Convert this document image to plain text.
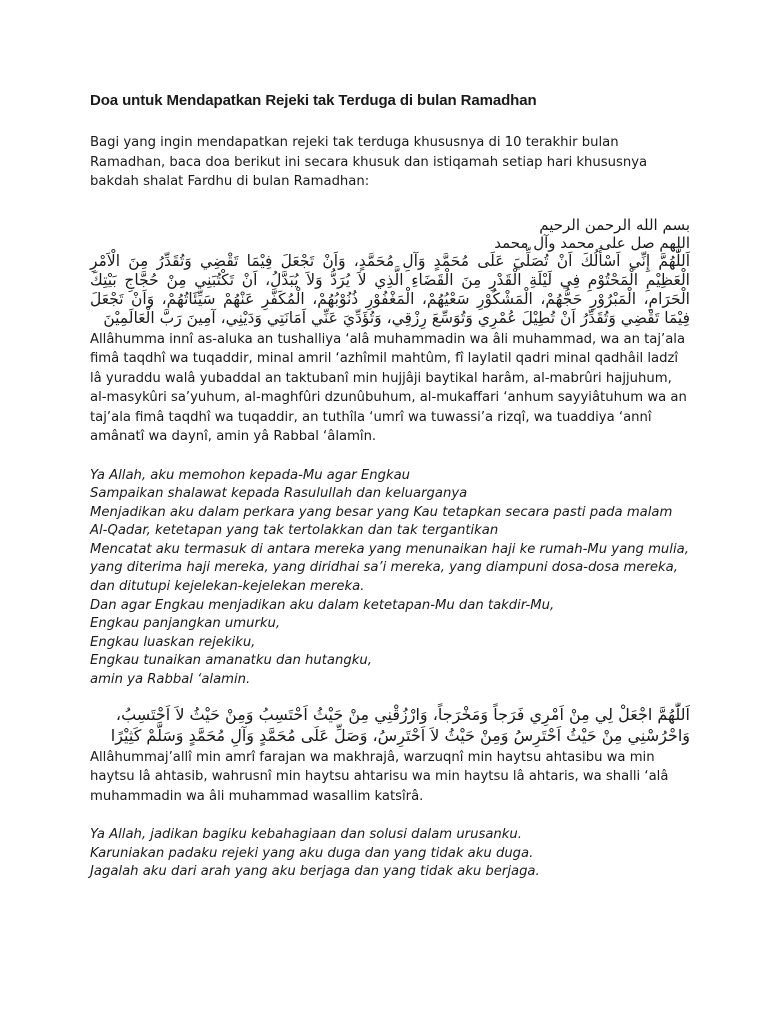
Doa untuk Mendapatkan Rejeki tak Terduga di bulan Ramadhan

Bagi yang ingin mendapatkan rejeki tak terduga khususnya di 10 terakhir bulan Ramadhan, baca doa berikut ini secara khusuk dan istiqamah setiap hari khususnya bakdah shalat Fardhu di bulan Ramadhan:

بسم الله الرحمن الرحيم
اللهم صل على محمد وآل محمد
اَللّٰهُمَّ إِنِّي اَسْأَلُكَ اَنْ تُصَلِّيَ عَلَى مُحَمَّدٍ وَآلِ مُحَمَّدٍ، وَاَنْ تَجْعَلَ فِيْمَا تَقْضِي وَتُقَدِّرُ مِنَ الْاَمْرِ الْعَظِيْمِ الْمَحْتُوْمِ فِي لَيْلَةِ الْقَدْرِ مِنَ الْقَضَاءِ الَّذِي لاَ يُرَدُّ وَلاَ يُبَدَّلُ، اَنْ تَكْتُبَنِي مِنْ حُجَّاجِ بَيْتِكَ الْحَرَامِ، الْمَبْرُوْرِ حَجُّهُمْ، الْمَشْكُوْرِ سَعْيُهُمْ، الْمَغْفُوْرِ ذُنُوْبُهُمْ، الْمُكَفَّرِ عَنْهُمْ سَيِّئَاتُهُمْ، وَاَنْ تَجْعَلَ فِيْمَا تَقْضِي وَتُقَدِّرُ اَنْ تُطِيْلَ عُمْرِي وَتُوَسِّعَ رِزْقِي، وَتُؤَدِّيَ عَنِّي اَمَانَتِي وَدَيْنِي، آمِينَ رَبَّ الْعَالَمِيْنَ

Allâhumma innî as-aluka an tushalliya ‘alâ muhammadin wa âli muhammad, wa an taj’ala fimâ taqdhî wa tuqaddir, minal amril ‘azhîmil mahtûm, fî laylatil qadri minal qadhâil ladzî lâ yuraddu walâ yubaddal an taktubanî min hujjâji baytikal harâm, al-mabrûri hajjuhum, al-masykûri sa’yuhum, al-maghfûri dzunûbuhum, al-mukaffari ‘anhum sayyiâtuhum wa an taj’ala fimâ taqdhî wa tuqaddir, an tuthîla ‘umrî wa tuwassi’a rizqî, wa tuaddiya ‘annî amânatî wa daynî, amin yâ Rabbal ‘âlamîn.

Ya Allah, aku memohon kepada-Mu agar Engkau
Sampaikan shalawat kepada Rasulullah dan keluarganya
Menjadikan aku dalam perkara yang besar yang Kau tetapkan secara pasti pada malam Al-Qadar, ketetapan yang tak tertolakkan dan tak tergantikan
Mencatat aku termasuk di antara mereka yang menunaikan haji ke rumah-Mu yang mulia, yang diterima haji mereka, yang diridhai sa’i mereka, yang diampuni dosa-dosa mereka, dan ditutupi kejelekan-kejelekan mereka.
Dan agar Engkau menjadikan aku dalam ketetapan-Mu dan takdir-Mu,
Engkau panjangkan umurku,
Engkau luaskan rejekiku,
Engkau tunaikan amanatku dan hutangku,
amin ya Rabbal ‘alamin.
اَللّٰهُمَّ اجْعَلْ لِي مِنْ اَمْرِي فَرَجاً وَمَخْرَجاً، وَارْزُقْنِي مِنْ حَيْثُ اَحْتَسِبُ وَمِنْ حَيْثُ لاَ اَحْتَسِبُ، وَاحْرُسْنِي مِنْ حَيْثُ اَحْتَرِسُ وَمِنْ حَيْثُ لاَ اَحْتَرِسُ، وَصَلِّ عَلَى مُحَمَّدٍ وَآلِ مُحَمَّدٍ وَسَلَّمْ كَثِيْرًا

Allâhummaj’allî min amrî farajan wa makhrajâ, warzuqnî min haytsu ahtasibu wa min haytsu lâ ahtasib, wahrusnî min haytsu ahtarisu wa min haytsu lâ ahtaris, wa shalli ‘alâ muhammadin wa âli muhammad wasallim katsîrâ.

Ya Allah, jadikan bagiku kebahagiaan dan solusi dalam urusanku.
Karuniakan padaku rejeki yang aku duga dan yang tidak aku duga.
Jagalah aku dari arah yang aku berjaga dan yang tidak aku berjaga.
